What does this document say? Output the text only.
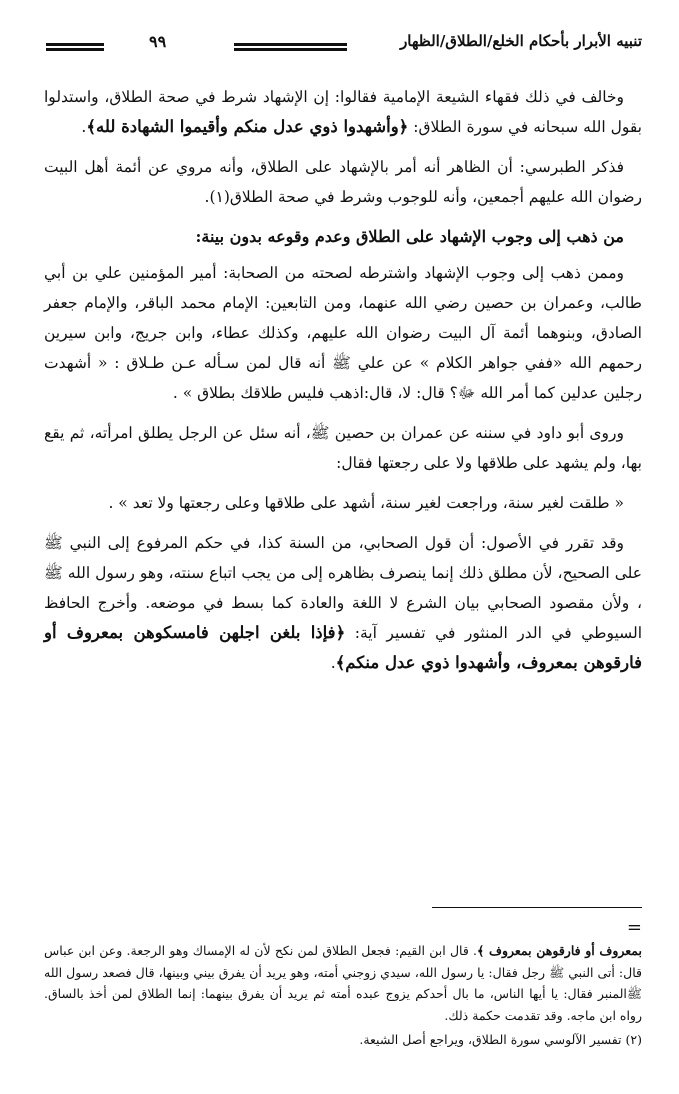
تنبيه الأبرار بأحكام الخلع/الطلاق/الظهار
٩٩

وخالف في ذلك فقهاء الشيعة الإمامية فقالوا: إن الإشهاد شرط في صحة الطلاق، واستدلوا بقول الله سبحانه في سورة الطلاق: ﴿وأشهدوا ذوي عدل منكم وأقيموا الشهادة لله﴾.

فذكر الطبرسي: أن الظاهر أنه أمر بالإشهاد على الطلاق، وأنه مروي عن أئمة أهل البيت رضوان الله عليهم أجمعين، وأنه للوجوب وشرط في صحة الطلاق(١).

من ذهب إلى وجوب الإشهاد على الطلاق وعدم وقوعه بدون بينة:

وممن ذهب إلى وجوب الإشهاد واشترطه لصحته من الصحابة: أمير المؤمنين علي بن أبي طالب، وعمران بن حصين رضي الله عنهما، ومن التابعين: الإمام محمد الباقر، والإمام جعفر الصادق، وبنوهما أئمة آل البيت رضوان الله عليهم، وكذلك عطاء، وابن جريج، وابن سيرين رحمهم الله «ففي جواهر الكلام » عن علي ﷺ أنه قال لمن سـأله عـن طـلاق : « أشهدت رجلين عدلين كما أمر الله ﷻ؟ قال: لا، قال:اذهب فليس طلاقك بطلاق » .

وروى أبو داود في سننه عن عمران بن حصين ﷺ، أنه سئل عن الرجل يطلق امرأته، ثم يقع بها، ولم يشهد على طلاقها ولا على رجعتها فقال:

« طلقت لغير سنة، وراجعت لغير سنة، أشهد على طلاقها وعلى رجعتها ولا تعد » .

وقد تقرر في الأصول: أن قول الصحابي، من السنة كذا، في حكم المرفوع إلى النبي ﷺ على الصحيح، لأن مطلق ذلك إنما ينصرف بظاهره إلى من يجب اتباع سنته، وهو رسول الله ﷺ ، ولأن مقصود الصحابي بيان الشرع لا اللغة والعادة كما بسط في موضعه. وأخرج الحافظ السيوطي في الدر المنثور في تفسير آية: ﴿فإذا بلغن اجلهن فامسكوهن بمعروف أو فارقوهن بمعروف، وأشهدوا ذوي عدل منكم﴾.

=

بمعروف أو فارقوهن بمعروف ﴾. قال ابن القيم: فجعل الطلاق لمن نكح لأن له الإمساك وهو الرجعة. وعن ابن عباس قال: أتى النبي ﷺ رجل فقال: يا رسول الله، سيدي زوجني أمته، وهو يريد أن يفرق بيني وبينها، قال فصعد رسول الله ﷺالمنبر فقال: يا أيها الناس، ما بال أحدكم يزوج عبده أمته ثم يريد أن يفرق بينهما: إنما الطلاق لمن أخذ بالساق. رواه ابن ماجه. وقد تقدمت حكمة ذلك.

(٢) تفسير الآلوسي سورة الطلاق، ويراجع أصل الشيعة.
